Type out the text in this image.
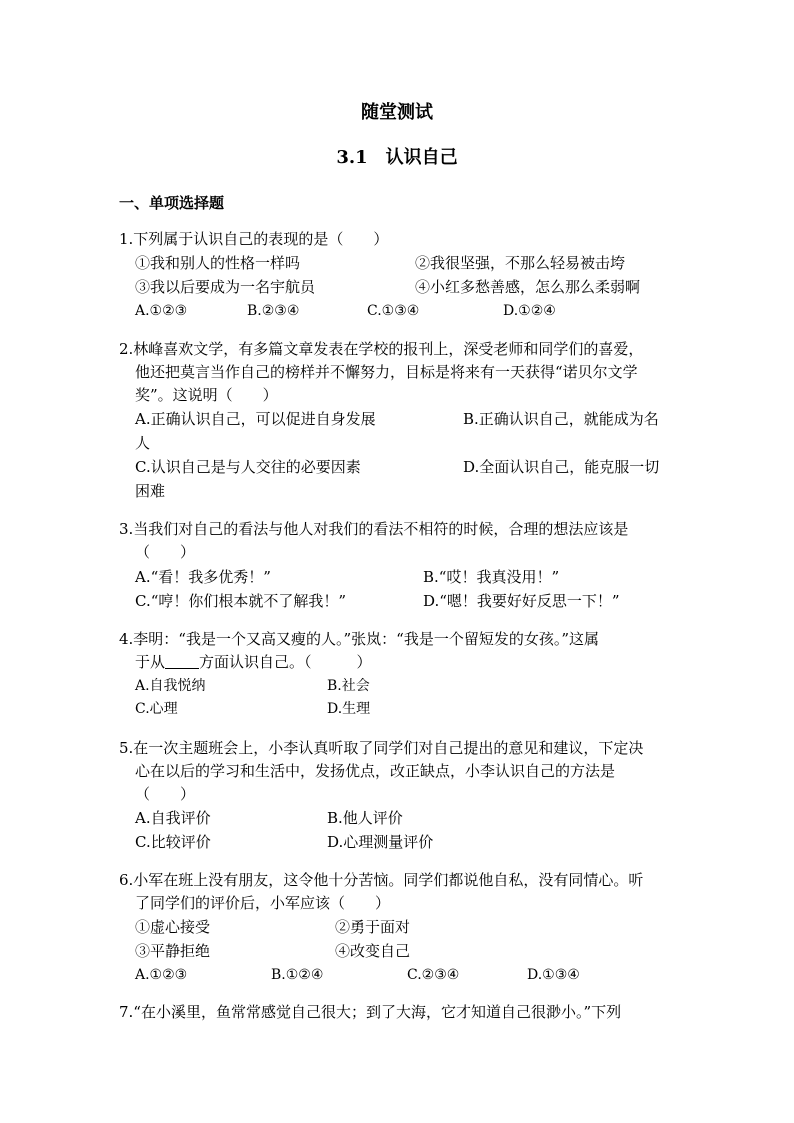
随堂测试
3.1　认识自己
一、单项选择题
1.下列属于认识自己的表现的是（　　）
①我和别人的性格一样吗	②我很坚强，不那么轻易被击垮
③我以后要成为一名宇航员	④小红多愁善感，怎么那么柔弱啊
A.①②③	B.②③④	C.①③④	D.①②④
2.林峰喜欢文学，有多篇文章发表在学校的报刊上，深受老师和同学们的喜爱，
他还把莫言当作自己的榜样并不懈努力，目标是将来有一天获得“诺贝尔文学
奖”。这说明（　　）
A.正确认识自己，可以促进自身发展	B.正确认识自己，就能成为名
人
C.认识自己是与人交往的必要因素	D.全面认识自己，能克服一切
困难
3.当我们对自己的看法与他人对我们的看法不相符的时候，合理的想法应该是
（　　）
A.“看！我多优秀！”	B.“哎！我真没用！”
C.“哼！你们根本就不了解我！”	D.“嗯！我要好好反思一下！”
4.李明：“我是一个又高又瘦的人。”张岚：“我是一个留短发的女孩。”这属
于从 方面认识自己。（　　　）
A.自我悦纳	B.社会
C.心理	D.生理
5.在一次主题班会上，小李认真听取了同学们对自己提出的意见和建议，下定决
心在以后的学习和生活中，发扬优点，改正缺点，小李认识自己的方法是
（　　）
A.自我评价	B.他人评价
C.比较评价	D.心理测量评价
6.小军在班上没有朋友，这令他十分苦恼。同学们都说他自私，没有同情心。听
了同学们的评价后，小军应该（　　）
①虚心接受	②勇于面对
③平静拒绝	④改变自己
A.①②③	B.①②④	C.②③④	D.①③④
7.“在小溪里，鱼常常感觉自己很大；到了大海，它才知道自己很渺小。”下列
